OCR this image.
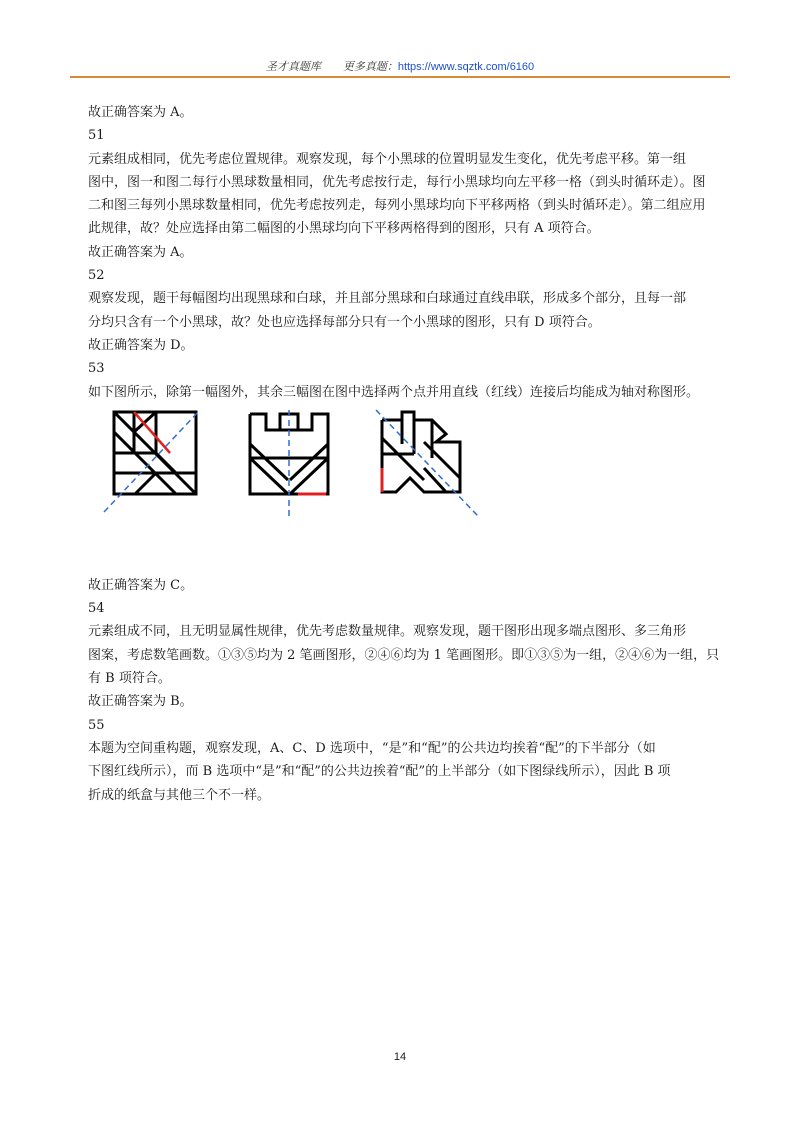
圣才真题库　　更多真题：https://www.sqztk.com/6160

故正确答案为 A。

51

元素组成相同，优先考虑位置规律。观察发现，每个小黑球的位置明显发生变化，优先考虑平移。第一组

图中，图一和图二每行小黑球数量相同，优先考虑按行走，每行小黑球均向左平移一格（到头时循环走）。图

二和图三每列小黑球数量相同，优先考虑按列走，每列小黑球均向下平移两格（到头时循环走）。第二组应用

此规律，故？处应选择由第二幅图的小黑球均向下平移两格得到的图形，只有 A 项符合。

故正确答案为 A。

52

观察发现，题干每幅图均出现黑球和白球，并且部分黑球和白球通过直线串联，形成多个部分，且每一部

分均只含有一个小黑球，故？处也应选择每部分只有一个小黑球的图形，只有 D 项符合。

故正确答案为 D。

53

如下图所示，除第一幅图外，其余三幅图在图中选择两个点并用直线（红线）连接后均能成为轴对称图形。

故正确答案为 C。

54

元素组成不同，且无明显属性规律，优先考虑数量规律。观察发现，题干图形出现多端点图形、多三角形

图案，考虑数笔画数。①③⑤均为 2 笔画图形，②④⑥均为 1 笔画图形。即①③⑤为一组，②④⑥为一组，只

有 B 项符合。

故正确答案为 B。

55

本题为空间重构题，观察发现，A、C、D 选项中，“是”和“配”的公共边均挨着“配”的下半部分（如

下图红线所示），而 B 选项中“是”和“配”的公共边挨着“配”的上半部分（如下图绿线所示），因此 B 项

折成的纸盒与其他三个不一样。

14
